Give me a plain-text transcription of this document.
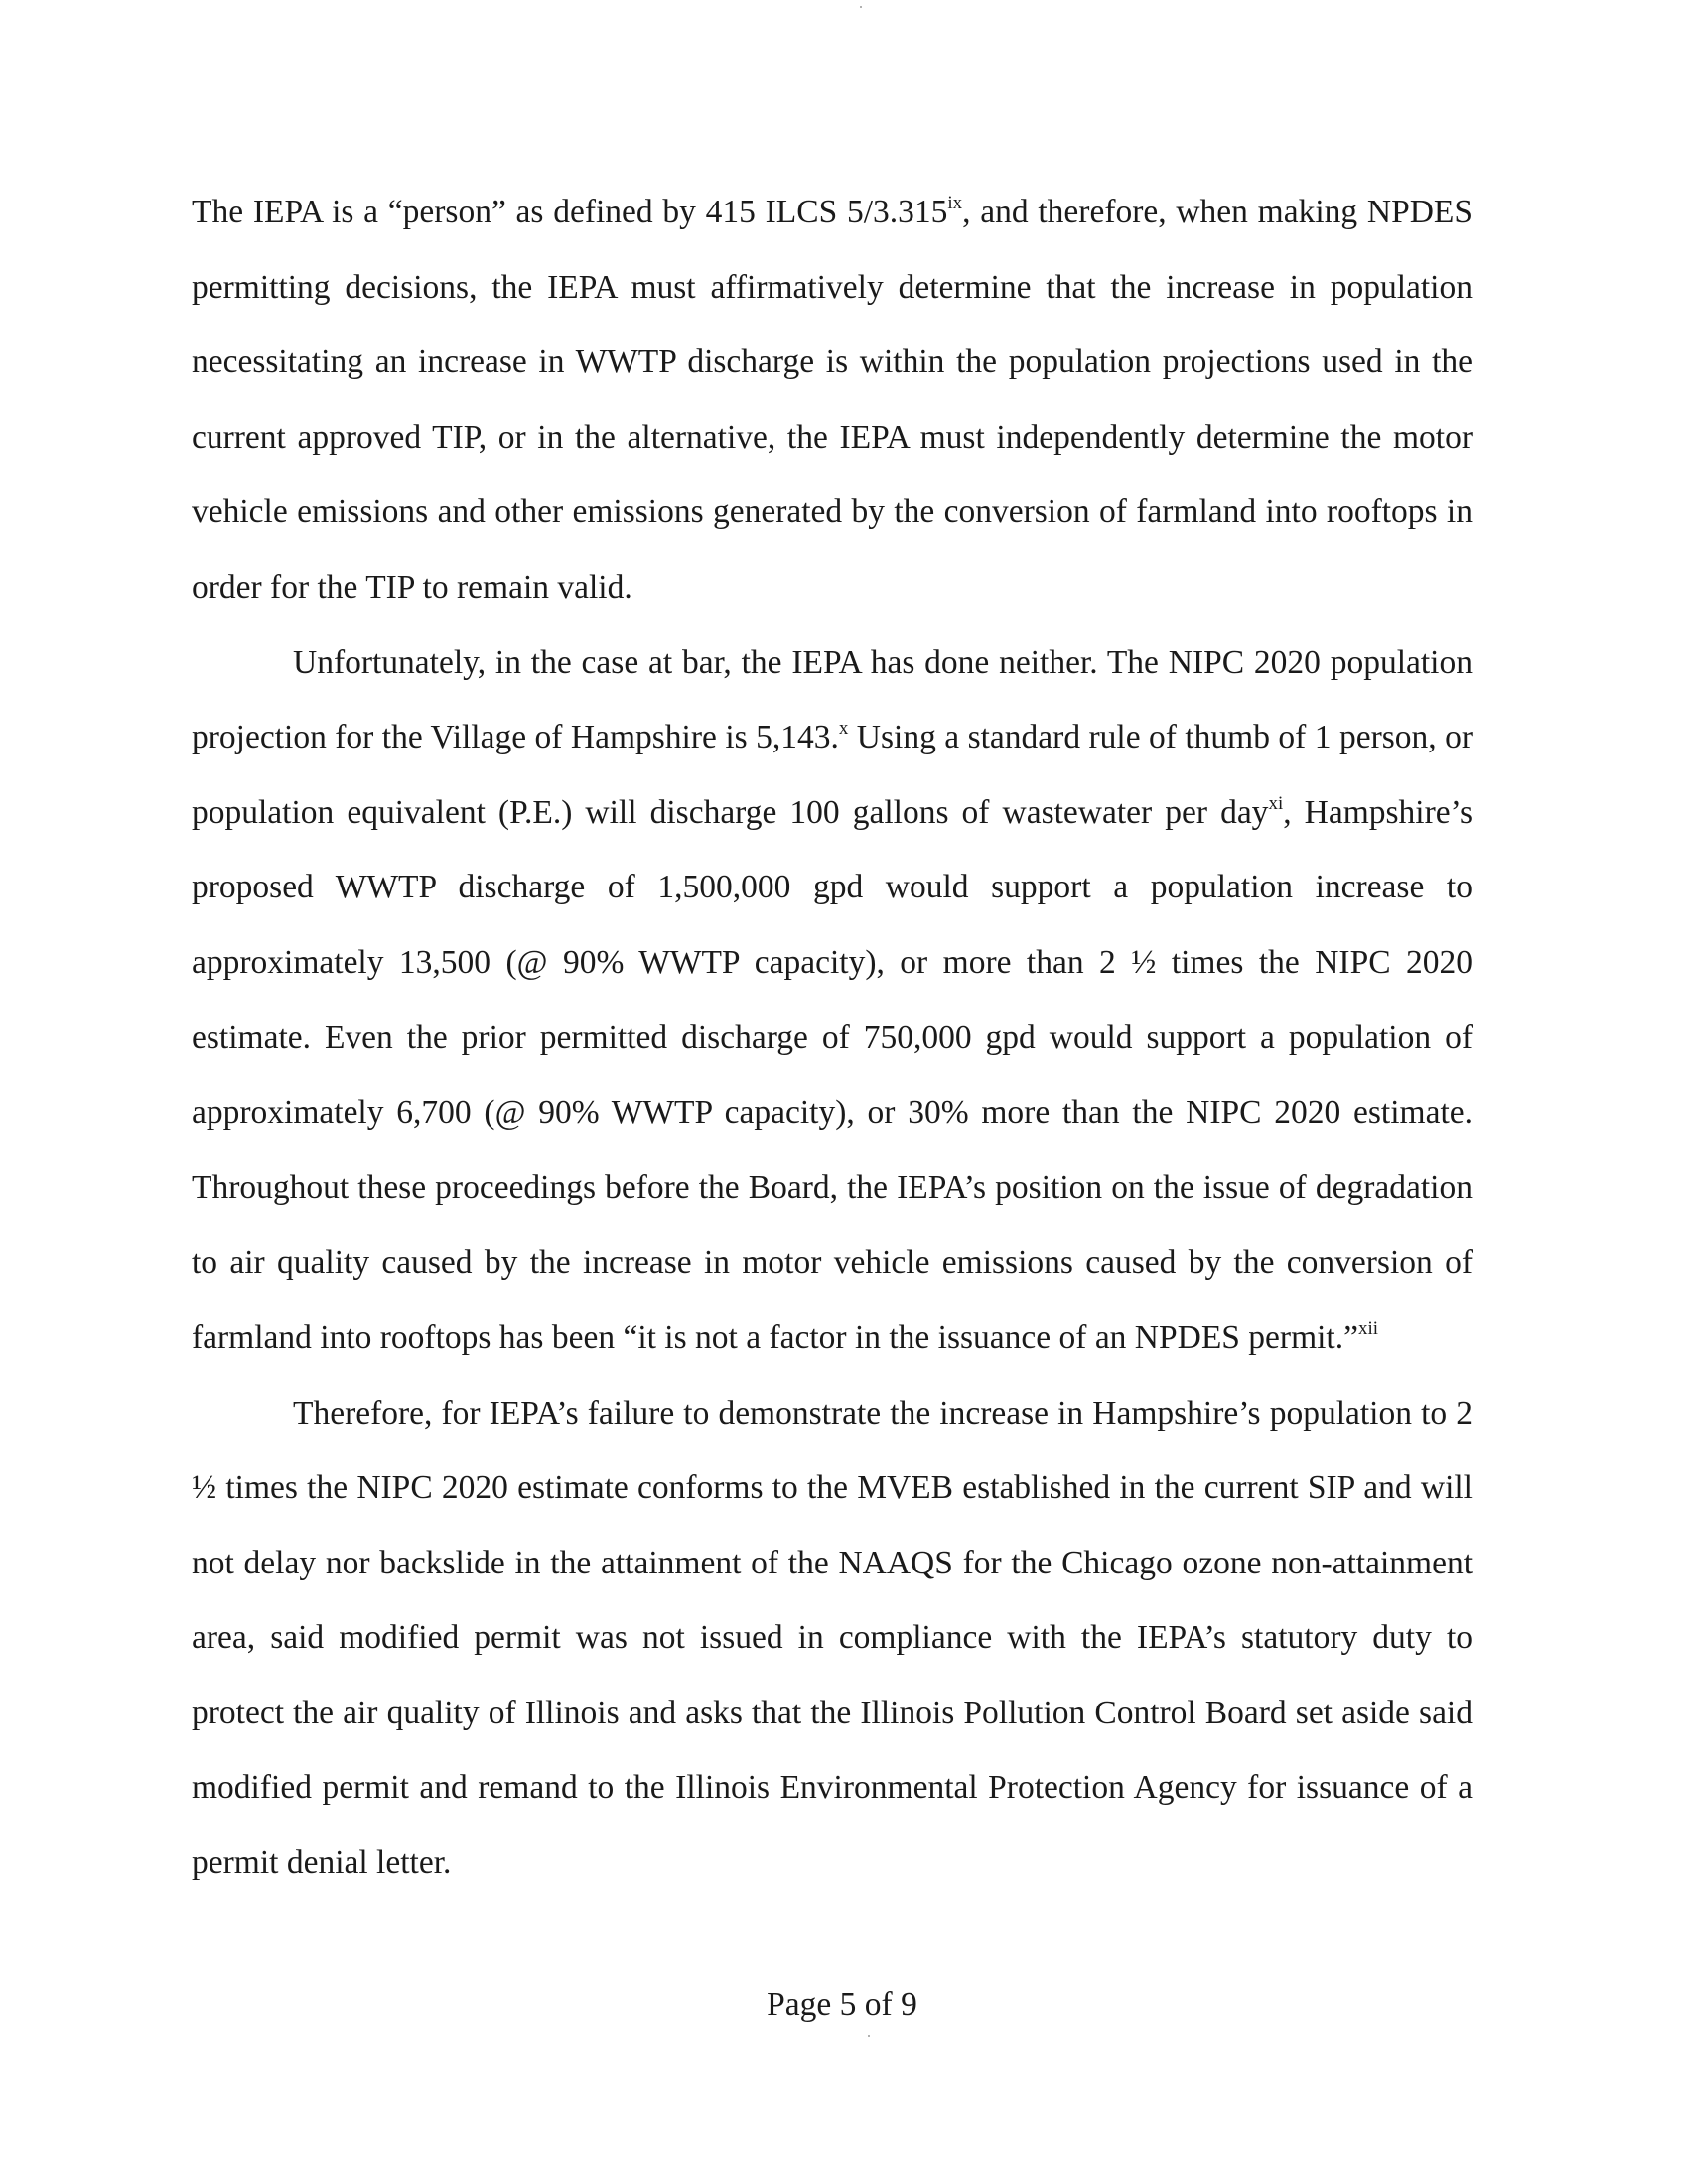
The IEPA is a “person” as defined by 415 ILCS 5/3.315$^{ix}$, and therefore, when making NPDES permitting decisions, the IEPA must affirmatively determine that the increase in population necessitating an increase in WWTP discharge is within the population projections used in the current approved TIP, or in the alternative, the IEPA must independently determine the motor vehicle emissions and other emissions generated by the conversion of farmland into rooftops in order for the TIP to remain valid.

Unfortunately, in the case at bar, the IEPA has done neither. The NIPC 2020 population projection for the Village of Hampshire is 5,143.$^x$ Using a standard rule of thumb of 1 person, or population equivalent (P.E.) will discharge 100 gallons of wastewater per day$^{xi}$, Hampshire’s proposed WWTP discharge of 1,500,000 gpd would support a population increase to approximately 13,500 (@ 90% WWTP capacity), or more than 2 ½ times the NIPC 2020 estimate. Even the prior permitted discharge of 750,000 gpd would support a population of approximately 6,700 (@ 90% WWTP capacity), or 30% more than the NIPC 2020 estimate. Throughout these proceedings before the Board, the IEPA’s position on the issue of degradation to air quality caused by the increase in motor vehicle emissions caused by the conversion of farmland into rooftops has been “it is not a factor in the issuance of an NPDES permit.”$^{xii}$

Therefore, for IEPA’s failure to demonstrate the increase in Hampshire’s population to 2 ½ times the NIPC 2020 estimate conforms to the MVEB established in the current SIP and will not delay nor backslide in the attainment of the NAAQS for the Chicago ozone non-attainment area, said modified permit was not issued in compliance with the IEPA’s statutory duty to protect the air quality of Illinois and asks that the Illinois Pollution Control Board set aside said modified permit and remand to the Illinois Environmental Protection Agency for issuance of a permit denial letter.

Page 5 of 9
